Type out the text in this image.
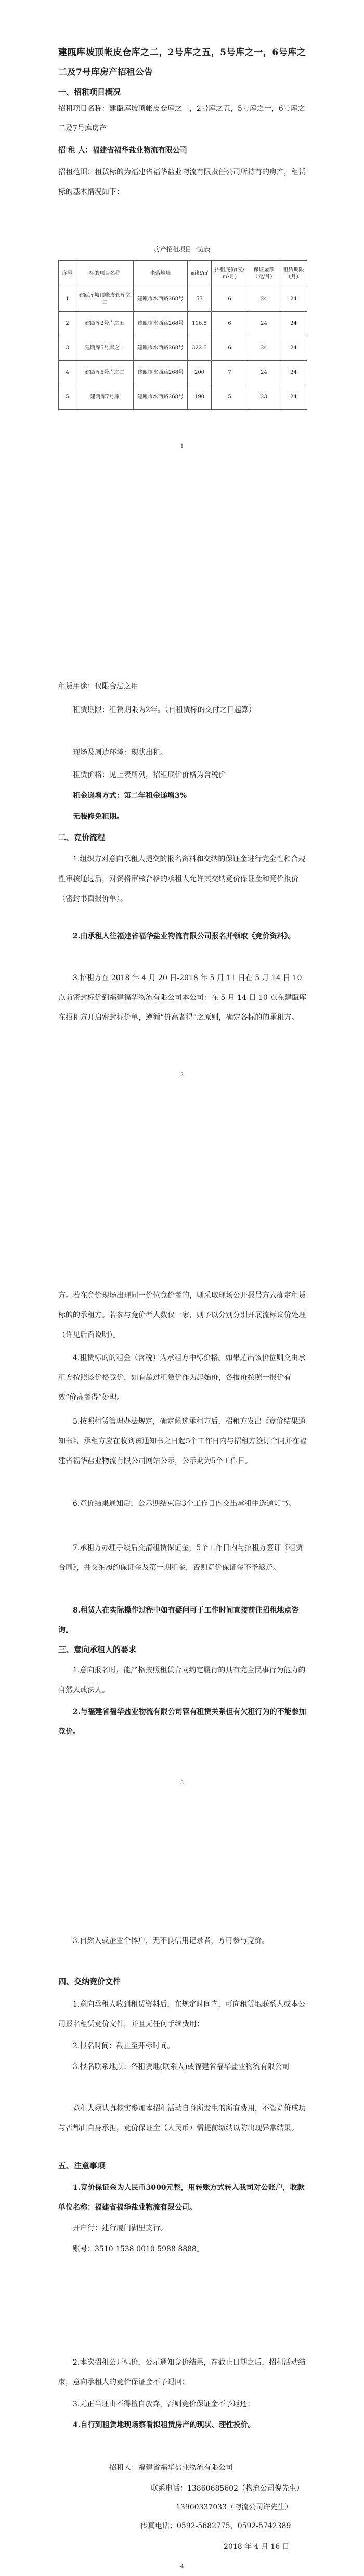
建瓯库坡顶帐皮仓库之二，2号库之五，5号库之一，6号库之二及7号库房产招租公告
一、招租项目概况
招租项目名称：建瓯库坡顶帐皮仓库之二，2号库之五，5号库之一，6号库之二及7号库房产
招 租 人：福建省福华盐业物流有限公司
招租范围：租赁标的为福建省福华盐业物流有限责任公司所持有的房产，租赁标的基本情况如下：
房产招租项目一览表
序号	标的项目名称	坐落地址	面积/㎡	招租底价(元/㎡·月)	保证金额（元/月）	租赁期限（月）
1	建瓯库坡顶帐皮仓库之二	建瓯市水西路268号	57	6	24	24
2	建瓯库2号库之五	建瓯市水西路268号	116.5	6	24	24
3	建瓯库5号库之一	建瓯市水西路268号	322.5	6	24	24
4	建瓯库6号库之二	建瓯市水西路268号	200	7	24	24
5	建瓯库7号库	建瓯市水西路268号	190	5	23	24
1
租赁用途：仅限合法之用
租赁期限：租赁期限为2年。（自租赁标的交付之日起算）
现场及周边环境：现状出租。
租赁价格：见上表所列，招租底价价格为含税价
租金递增方式：第二年租金递增3%
无装修免租期。
二、竞价流程
1.组织方对意向承租人提交的报名资料和交纳的保证金进行完全性和合规性审核通过后，对资格审核合格的承租人允许其交纳竞价保证金和竞价报价（密封书面报价单）。
2.由承租人往福建省福华盐业物流有限公司报名并领取《竞价资料》。
3.招租方在 2018 年 4 月 20 日-2018 年 5 月 11 日在 5 月 14 日 10 点前密封标价到福建福华物流有限公司本公司：在 5 月 14 日 10 点在建瓯库在招租方开启密封标价单，遵循“价高者得”之原则，确定各标的的承租方。
2
方。若在竞价现场出现同一价位竞价者的，则采取现场公开报号方式确定租赁标的的承租方。若参与竞价者人数仅一家，则予以分别分别开展流标议价处理（详见后面说明）。
4.租赁标的的租金（含税）为承租方中标价格。如果超出该价位则交由承租方按照该价格竞价，如有超过租赁价作为起始价，各报价按照一报价有效“价高者得”处理。
5.按照租赁管理办法规定，确定候选承租方后，招租方发出《竞价结果通知书》，承租方应在收到该通知书之日起5个工作日内与招租方签订合同并在福建省福华盐业物流有限公司网站公示，公示期为5个工作日。
6.竞价结果通知后，公示期结束后3个工作日内交出承租中选通知书。
7.承租方办理手续后交清租赁保证金，5个工作日内与招租方签订《租赁合同》，并交纳履约保证金及第一期租金，否则竞价保证金不予返还。
8.租赁人在实际操作过程中如有疑问可于工作时间直接前往招租地点咨询。
三、意向承租人的要求
1.意向报名时，能严格按照租赁合同约定履行的具有完全民事行为能力的自然人或法人。
2.与福建省福华盐业物流有限公司管有租赁关系但有欠租行为的不能参加竞价。
3
3.自然人或企业个体户，无不良信用记录者，方可参与竞价。
四、交纳竞价文件
1.意向承租人收到租赁资料后，在规定时间内，可向租赁地联系人或本公司报名租赁竞价文件，并且无任何手续费用：
2.报名时间：截止至开标时间。
3.报名联系地点：各租赁地(联系人)或福建省福华盐业物流有限公司
竞租人须认真核实参加本招租活动自身所发生的所有费用，不管竞价成功与否都由自身承担，竞价保证金（人民币）需提前缴纳以防出现异常结果。
五、注意事项
1.竞价保证金为人民币3000元整，用转账方式转入我司对公账户，收款单位名称：福建省福华盐业物流有限公司。
开户行：建行厦门湖里支行。
账号：3510 1538 0010 5988 8888。
2.本次招租公开标价，公示通知竞价结果，在截止日期之后，招租活动结束，意向承租人的竞价保证金不予退回；
3.无正当理由不得擅自放弃，否则竞价保证金不予返还；
4.自行到租赁地现场察看拟租赁房产的现状、理性投价。
招租人：福建省福华盐业物流有限公司
联系电话：13860685602（物流公司倪先生）
13960337033（物流公司许先生）
传真电话：0592-5682775，0592-5742389
2018 年 4 月 16 日
4
